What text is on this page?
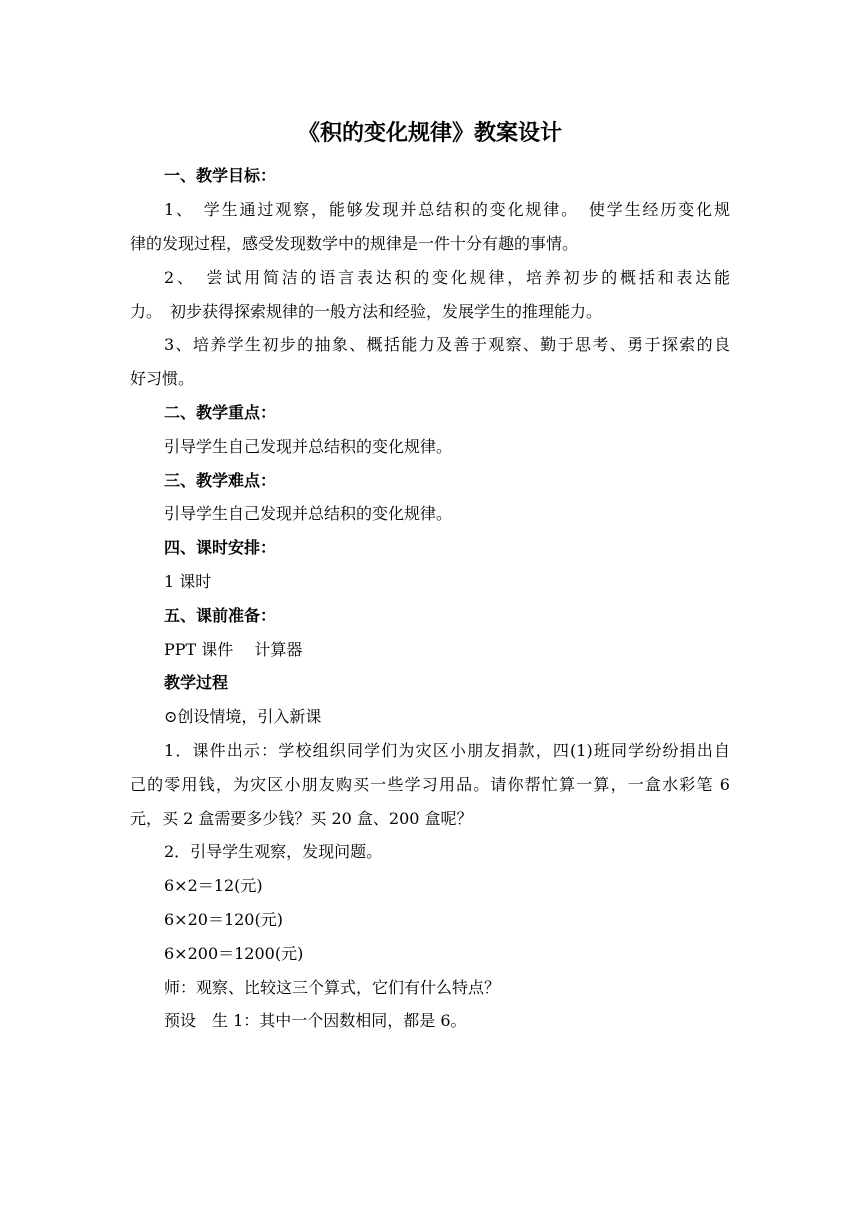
《积的变化规律》教案设计
一、教学目标：
1、　学生通过观察，能够发现并总结积的变化规律。　使学生经历变化规
律的发现过程，感受发现数学中的规律是一件十分有趣的事情。
2、　尝试用简洁的语言表达积的变化规律，培养初步的概括和表达能
力。　初步获得探索规律的一般方法和经验，发展学生的推理能力。
3、培养学生初步的抽象、概括能力及善于观察、勤于思考、勇于探索的良
好习惯。
二、教学重点：
引导学生自己发现并总结积的变化规律。
三、教学难点：
引导学生自己发现并总结积的变化规律。
四、课时安排：
1 课时
五、课前准备：
PPT 课件　 计算器
教学过程
⊙创设情境，引入新课
1．课件出示：学校组织同学们为灾区小朋友捐款，四(1)班同学纷纷捐出自
己的零用钱，为灾区小朋友购买一些学习用品。请你帮忙算一算，一盒水彩笔 6
元，买 2 盒需要多少钱？买 20 盒、200 盒呢？
2．引导学生观察，发现问题。
6×2＝12(元)
6×20＝120(元)
6×200＝1200(元)
师：观察、比较这三个算式，它们有什么特点？
预设　生 1：其中一个因数相同，都是 6。
